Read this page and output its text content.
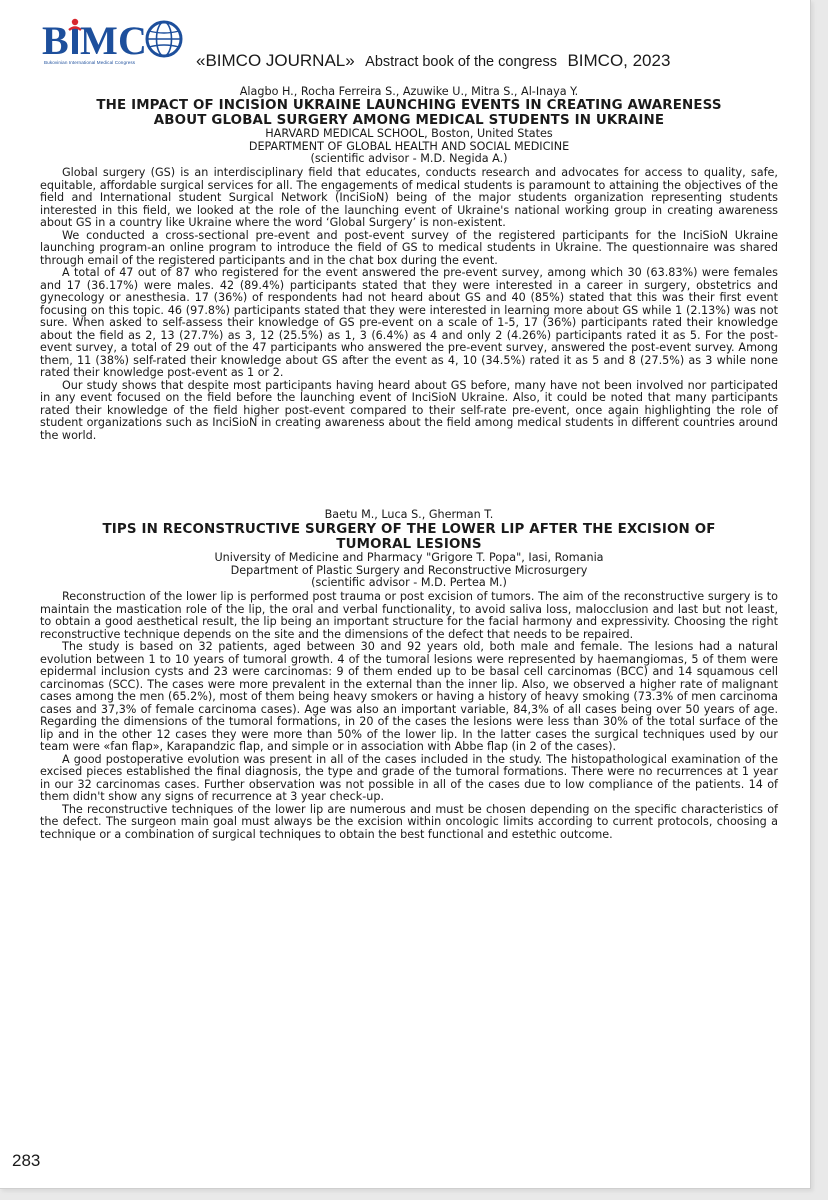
B M C
Bukovinian International Medical Congress	«BIMCO JOURNAL» Abstract book of the congress BIMCO, 2023

Alagbo H., Rocha Ferreira S., Azuwike U., Mitra S., Al-Inaya Y.

THE IMPACT OF INCISION UKRAINE LAUNCHING EVENTS IN CREATING AWARENESS
ABOUT GLOBAL SURGERY AMONG MEDICAL STUDENTS IN UKRAINE

HARVARD MEDICAL SCHOOL, Boston, United States

DEPARTMENT OF GLOBAL HEALTH AND SOCIAL MEDICINE

(scientific advisor - M.D. Negida A.)

Global surgery (GS) is an interdisciplinary field that educates, conducts research and advocates for access to quality, safe, equitable, affordable surgical services for all. The engagements of medical students is paramount to attaining the objectives of the field and International student Surgical Network (InciSioN) being of the major students organization representing students interested in this field, we looked at the role of the launching event of Ukraine's national working group in creating awareness about GS in a country like Ukraine where the word ‘Global Surgery’ is non-existent.

We conducted a cross-sectional pre-event and post-event survey of the registered participants for the InciSioN Ukraine launching program-an online program to introduce the field of GS to medical students in Ukraine. The questionnaire was shared through email of the registered participants and in the chat box during the event.

A total of 47 out of 87 who registered for the event answered the pre-event survey, among which 30 (63.83%) were females and 17 (36.17%) were males. 42 (89.4%) participants stated that they were interested in a career in surgery, obstetrics and gynecology or anesthesia. 17 (36%) of respondents had not heard about GS and 40 (85%) stated that this was their first event focusing on this topic. 46 (97.8%) participants stated that they were interested in learning more about GS while 1 (2.13%) was not sure. When asked to self-assess their knowledge of GS pre-event on a scale of 1-5, 17 (36%) participants rated their knowledge about the field as 2, 13 (27.7%) as 3, 12 (25.5%) as 1, 3 (6.4%) as 4 and only 2 (4.26%) participants rated it as 5. For the post-event survey, a total of 29 out of the 47 participants who answered the pre-event survey, answered the post-event survey. Among them, 11 (38%) self-rated their knowledge about GS after the event as 4, 10 (34.5%) rated it as 5 and 8 (27.5%) as 3 while none rated their knowledge post-event as 1 or 2.

Our study shows that despite most participants having heard about GS before, many have not been involved nor participated in any event focused on the field before the launching event of InciSioN Ukraine. Also, it could be noted that many participants rated their knowledge of the field higher post-event compared to their self-rate pre-event, once again highlighting the role of student organizations such as InciSioN in creating awareness about the field among medical students in different countries around the world.

Baetu M., Luca S., Gherman T.

TIPS IN RECONSTRUCTIVE SURGERY OF THE LOWER LIP AFTER THE EXCISION OF
TUMORAL LESIONS

University of Medicine and Pharmacy "Grigore T. Popa", Iasi, Romania

Department of Plastic Surgery and Reconstructive Microsurgery

(scientific advisor - M.D. Pertea M.)

Reconstruction of the lower lip is performed post trauma or post excision of tumors. The aim of the reconstructive surgery is to maintain the mastication role of the lip, the oral and verbal functionality, to avoid saliva loss, malocclusion and last but not least, to obtain a good aesthetical result, the lip being an important structure for the facial harmony and expressivity. Choosing the right reconstructive technique depends on the site and the dimensions of the defect that needs to be repaired.

The study is based on 32 patients, aged between 30 and 92 years old, both male and female. The lesions had a natural evolution between 1 to 10 years of tumoral growth. 4 of the tumoral lesions were represented by haemangiomas, 5 of them were epidermal inclusion cysts and 23 were carcinomas: 9 of them ended up to be basal cell carcinomas (BCC) and 14 squamous cell carcinomas (SCC). The cases were more prevalent in the external than the inner lip. Also, we observed a higher rate of malignant cases among the men (65.2%), most of them being heavy smokers or having a history of heavy smoking (73.3% of men carcinoma cases and 37,3% of female carcinoma cases). Age was also an important variable, 84,3% of all cases being over 50 years of age. Regarding the dimensions of the tumoral formations, in 20 of the cases the lesions were less than 30% of the total surface of the lip and in the other 12 cases they were more than 50% of the lower lip. In the latter cases the surgical techniques used by our team were «fan flap», Karapandzic flap, and simple or in association with Abbe flap (in 2 of the cases).

A good postoperative evolution was present in all of the cases included in the study. The histopathological examination of the excised pieces established the final diagnosis, the type and grade of the tumoral formations. There were no recurrences at 1 year in our 32 carcinomas cases. Further observation was not possible in all of the cases due to low compliance of the patients. 14 of them didn't show any signs of recurrence at 3 year check-up.

The reconstructive techniques of the lower lip are numerous and must be chosen depending on the specific characteristics of the defect. The surgeon main goal must always be the excision within oncologic limits according to current protocols, choosing a technique or a combination of surgical techniques to obtain the best functional and estethic outcome.

283
